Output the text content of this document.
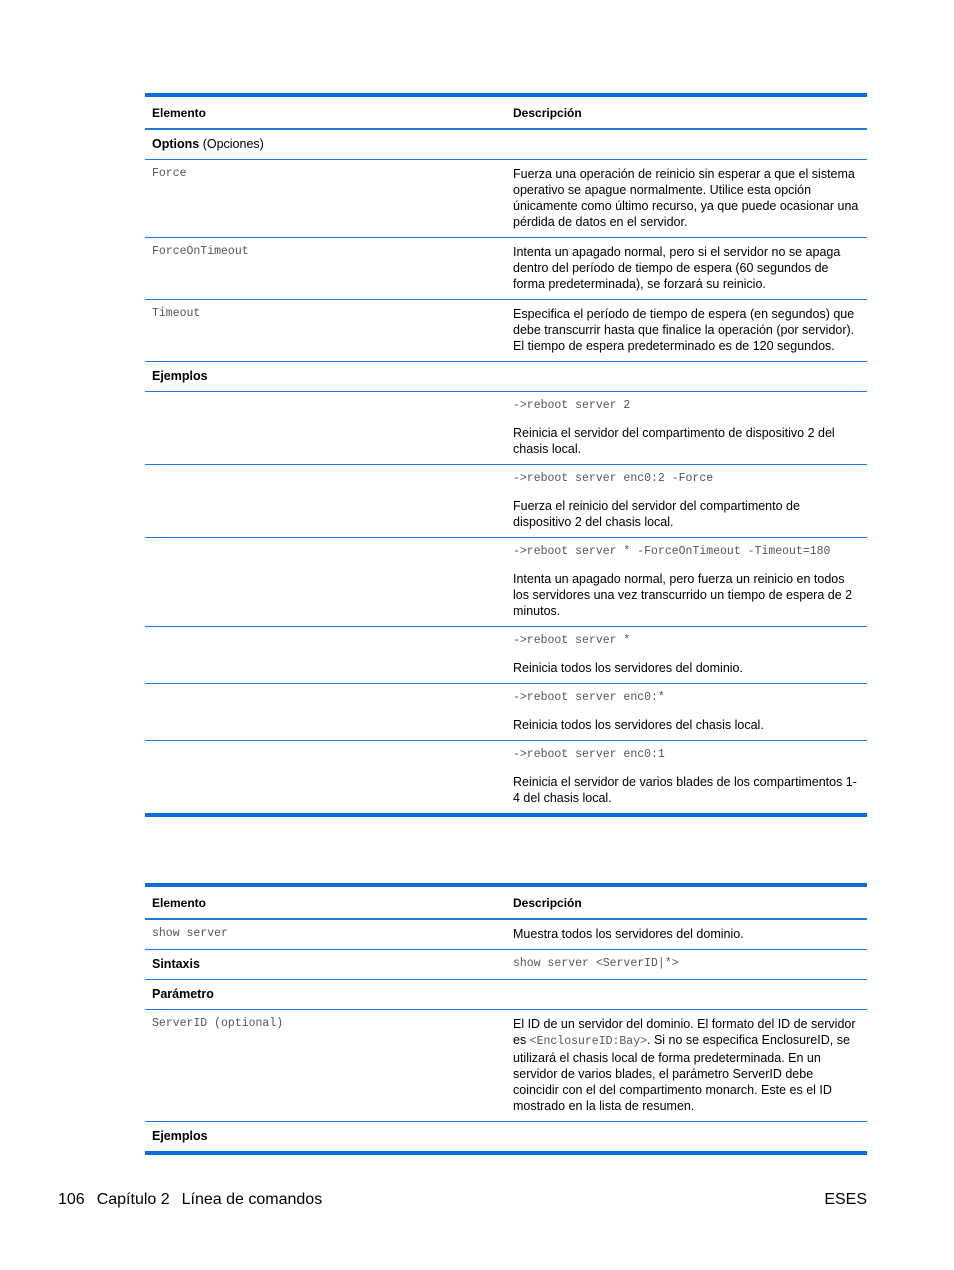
Elemento	Descripción
Options (Opciones)
Force	Fuerza una operación de reinicio sin esperar a que el sistema operativo se apague normalmente. Utilice esta opción únicamente como último recurso, ya que puede ocasionar una pérdida de datos en el servidor.
ForceOnTimeout	Intenta un apagado normal, pero si el servidor no se apaga dentro del período de tiempo de espera (60 segundos de forma predeterminada), se forzará su reinicio.
Timeout	Especifica el período de tiempo de espera (en segundos) que debe transcurrir hasta que finalice la operación (por servidor). El tiempo de espera predeterminado es de 120 segundos.
Ejemplos
->reboot server 2
Reinicia el servidor del compartimento de dispositivo 2 del chasis local.
->reboot server enc0:2 -Force
Fuerza el reinicio del servidor del compartimento de dispositivo 2 del chasis local.
->reboot server * -ForceOnTimeout -Timeout=180
Intenta un apagado normal, pero fuerza un reinicio en todos los servidores una vez transcurrido un tiempo de espera de 2 minutos.
->reboot server *
Reinicia todos los servidores del dominio.
->reboot server enc0:*
Reinicia todos los servidores del chasis local.
->reboot server enc0:1
Reinicia el servidor de varios blades de los compartimentos 1-4 del chasis local.
Elemento	Descripción
show server	Muestra todos los servidores del dominio.
Sintaxis	show server <ServerID|*>
Parámetro
ServerID (optional)	El ID de un servidor del dominio. El formato del ID de servidor es <EnclosureID:Bay>. Si no se especifica EnclosureID, se utilizará el chasis local de forma predeterminada. En un servidor de varios blades, el parámetro ServerID debe coincidir con el del compartimento monarch. Este es el ID mostrado en la lista de resumen.
Ejemplos
106 Capítulo 2 Línea de comandos	ESES
